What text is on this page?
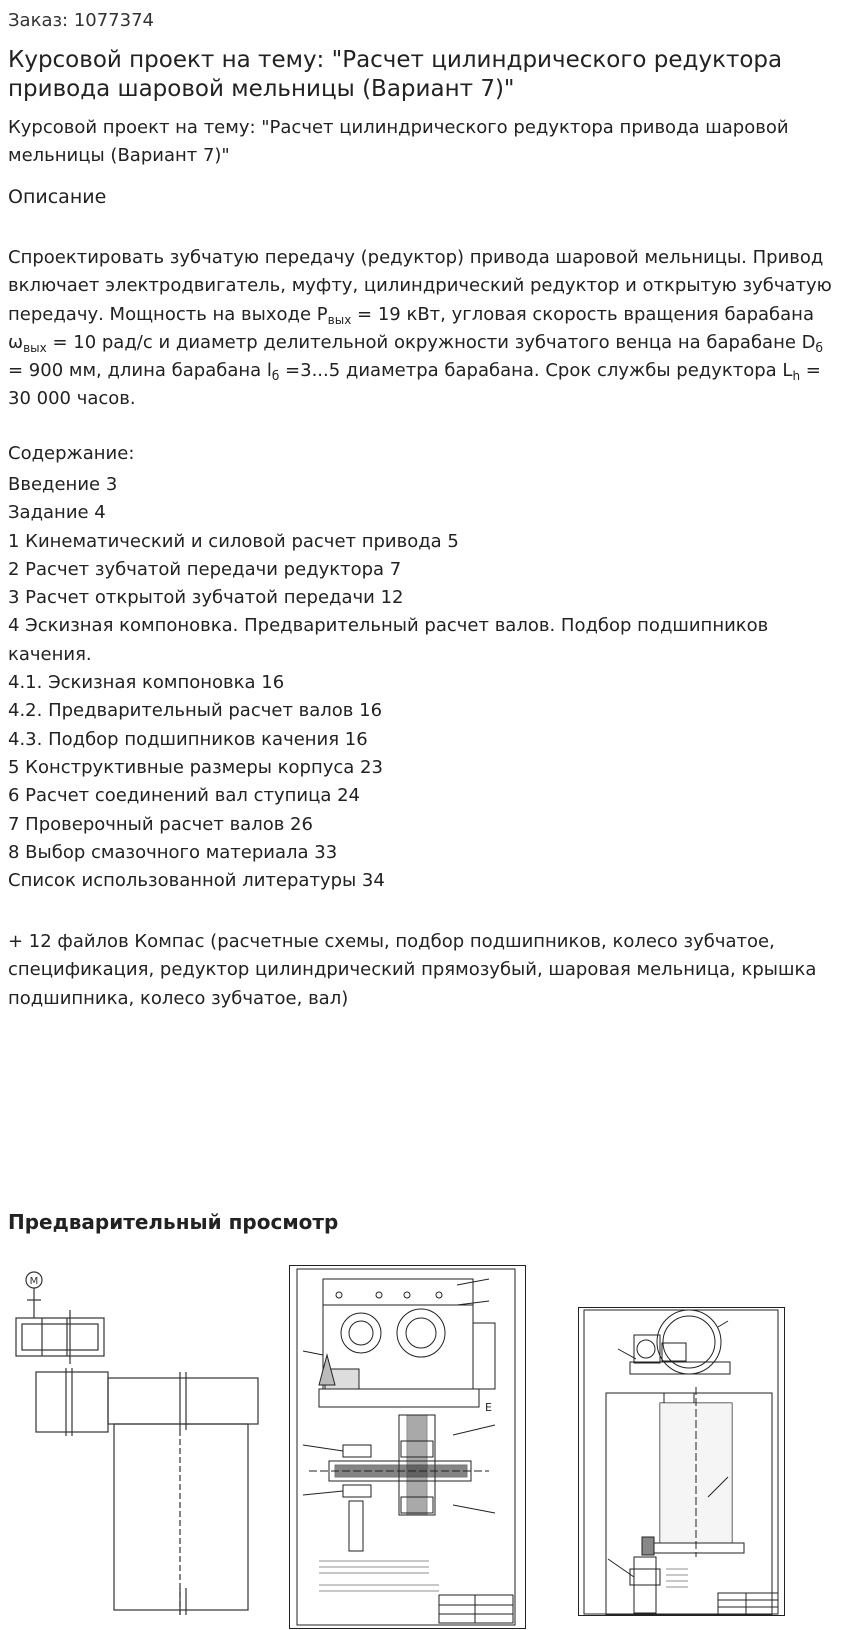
Заказ: 1077374
Курсовой проект на тему: "Расчет цилиндрического редуктора привода шаровой мельницы (Вариант 7)"
Курсовой проект на тему: "Расчет цилиндрического редуктора привода шаровой мельницы (Вариант 7)"
Описание
Спроектировать зубчатую передачу (редуктор) привода шаровой мельницы. Привод включает электродвигатель, муфту, цилиндрический редуктор и открытую зубчатую передачу. Мощность на выходе $P_{вых} = 19$ кВт, угловая скорость вращения барабана $\omega_{вых} = 10$ рад/с и диаметр делительной окружности зубчатого венца на барабане $D_б = 900$ мм, длина барабана $l_б =3...5$ диаметра барабана. Срок службы редуктора $L_h = 30$ 000 часов.
Содержание:
Введение 3
Задание 4
1 Кинематический и силовой расчет привода 5
2 Расчет зубчатой передачи редуктора 7
3 Расчет открытой зубчатой передачи 12
4 Эскизная компоновка. Предварительный расчет валов. Подбор подшипников качения.
4.1. Эскизная компоновка 16
4.2. Предварительный расчет валов 16
4.3. Подбор подшипников качения 16
5 Конструктивные размеры корпуса 23
6 Расчет соединений вал ступица 24
7 Проверочный расчет валов 26
8 Выбор смазочного материала 33
Список использованной литературы 34
+ 12 файлов Компас (расчетные схемы, подбор подшипников, колесо зубчатое, спецификация, редуктор цилиндрический прямозубый, шаровая мельница, крышка подшипника, колесо зубчатое, вал)
Предварительный просмотр
M
E
